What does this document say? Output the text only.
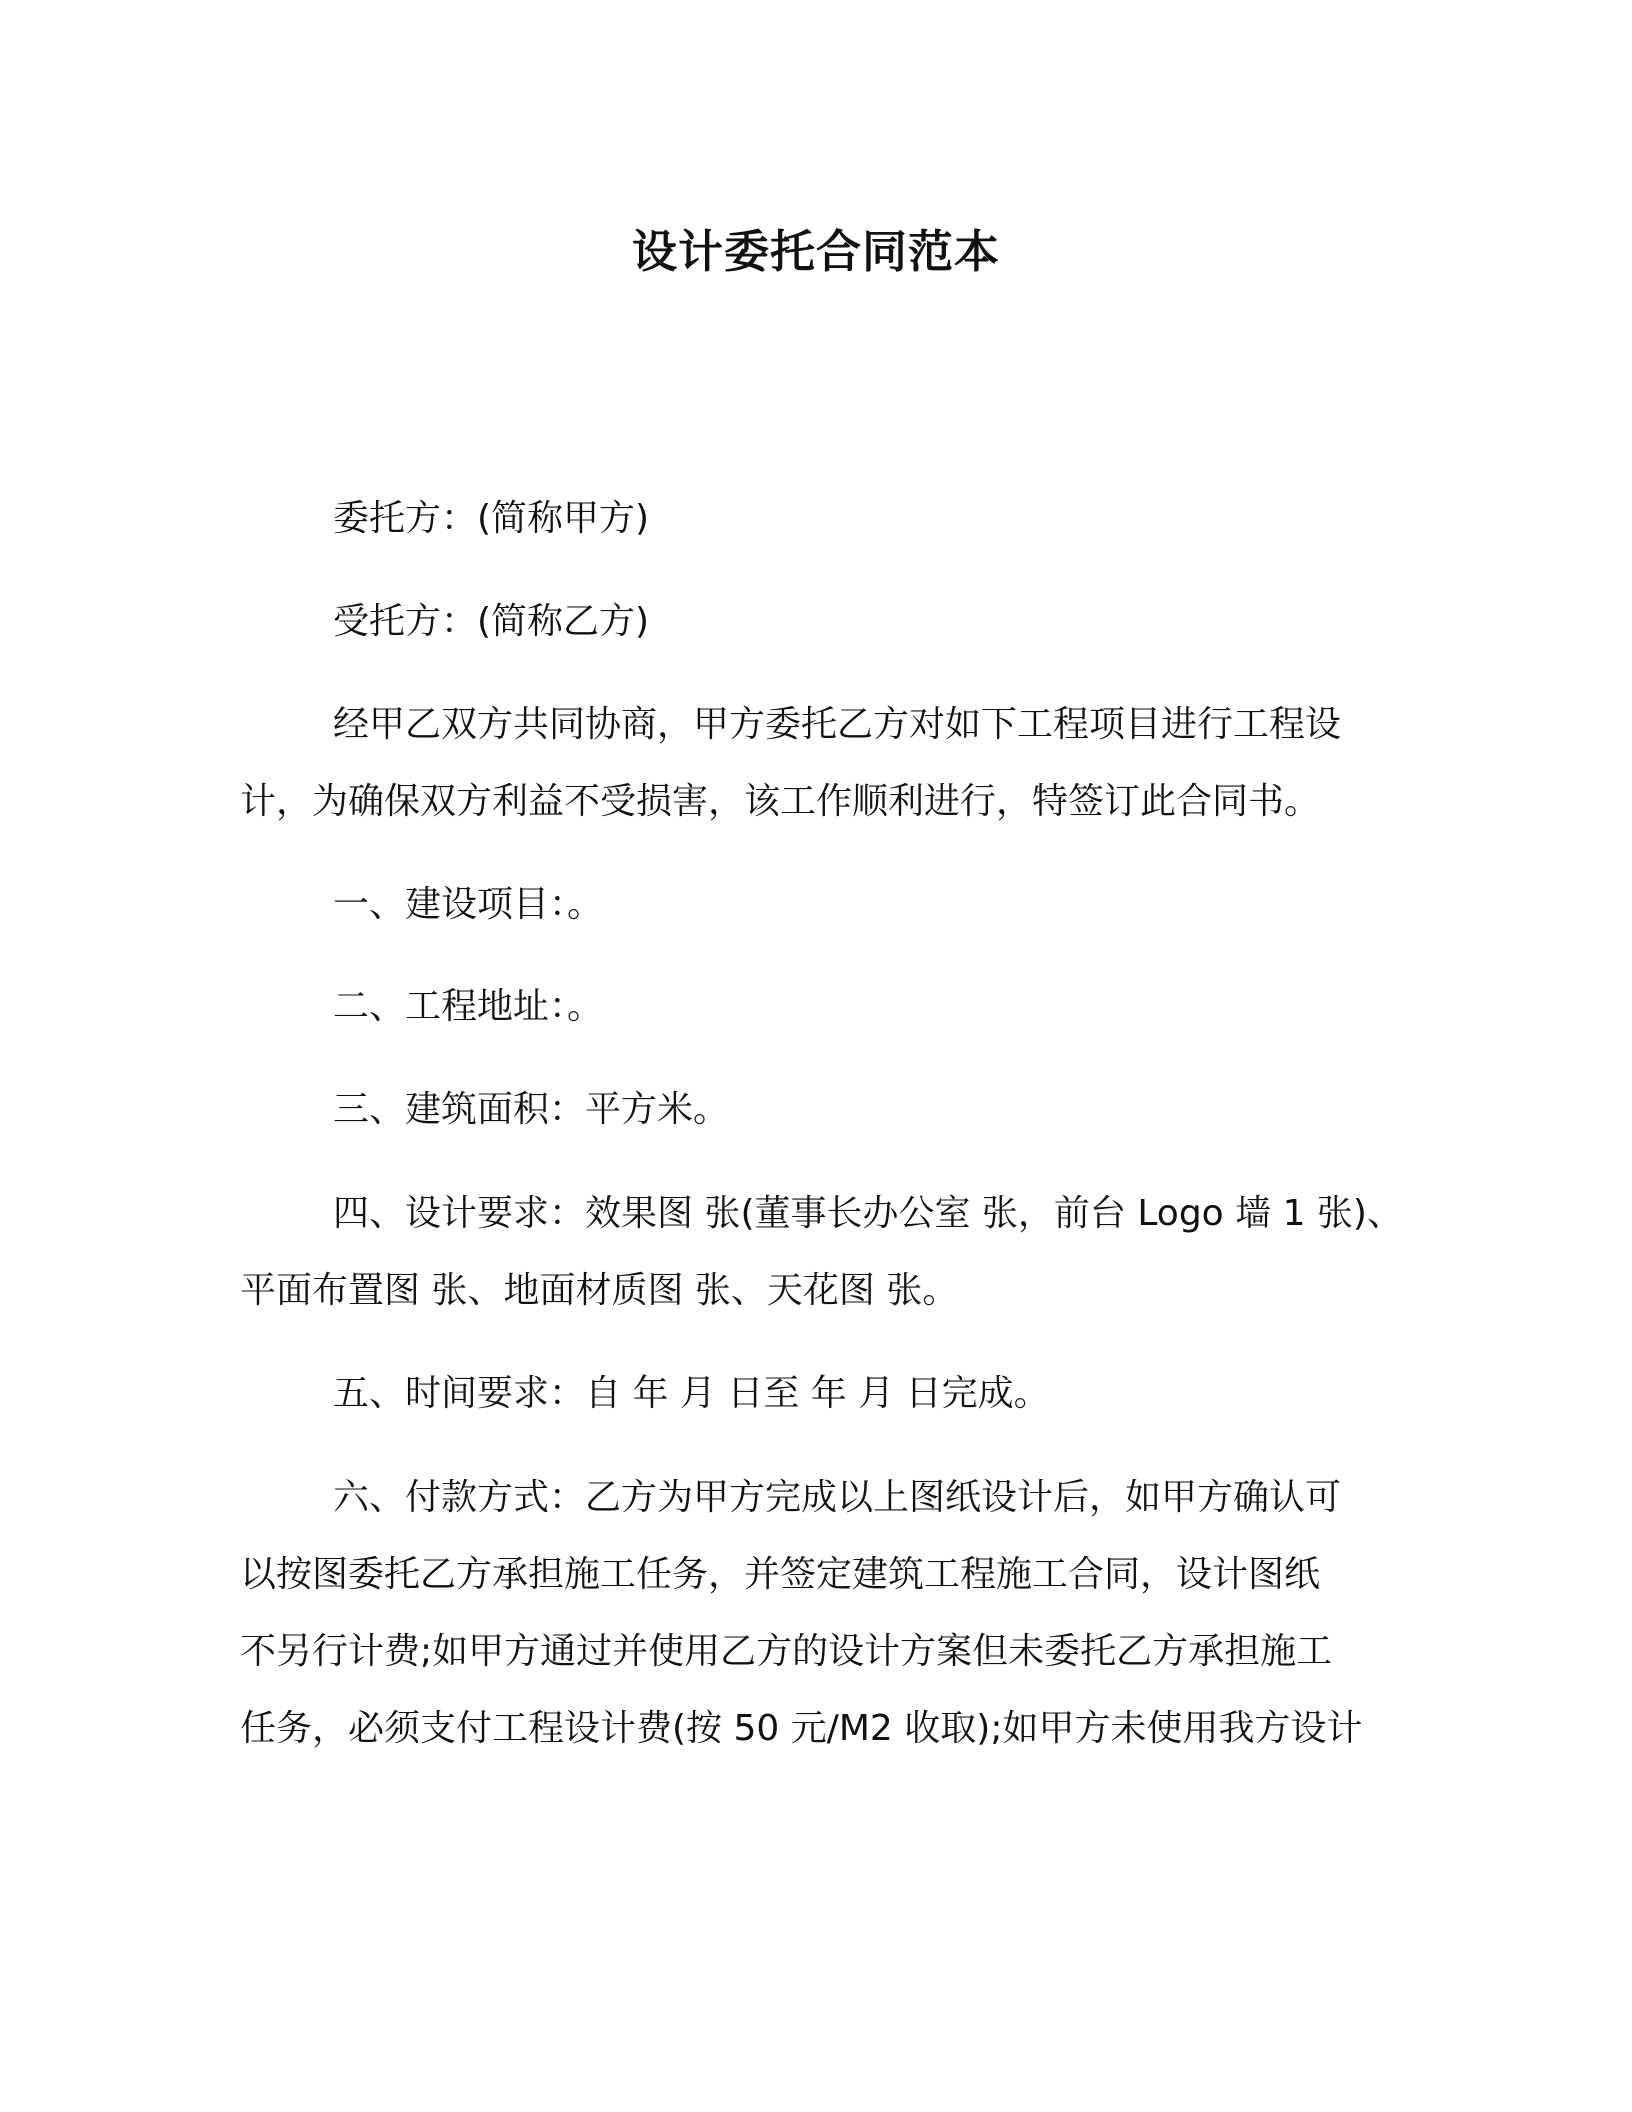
设计委托合同范本
委托方：(简称甲方)
受托方：(简称乙方)
经甲乙双方共同协商，甲方委托乙方对如下工程项目进行工程设
计，为确保双方利益不受损害，该工作顺利进行，特签订此合同书。
一、建设项目：。
二、工程地址：。
三、建筑面积：平方米。
四、设计要求：效果图 张(董事长办公室 张，前台 Logo 墙 1 张)、
平面布置图 张、地面材质图 张、天花图 张。
五、时间要求：自 年 月 日至 年 月 日完成。
六、付款方式：乙方为甲方完成以上图纸设计后，如甲方确认可
以按图委托乙方承担施工任务，并签定建筑工程施工合同，设计图纸
不另行计费;如甲方通过并使用乙方的设计方案但未委托乙方承担施工
任务，必须支付工程设计费(按 50 元/M2 收取);如甲方未使用我方设计
